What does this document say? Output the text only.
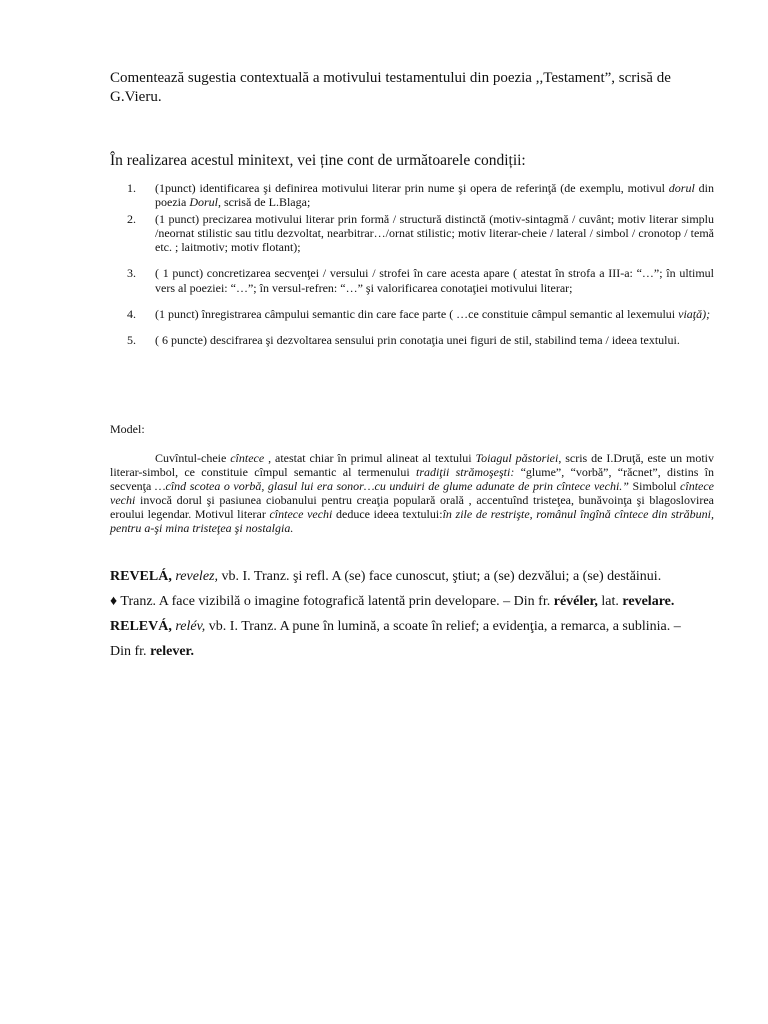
Comentează sugestia contextuală a motivului testamentului din poezia ,,Testament”, scrisă de
G.Vieru.
În realizarea acestul minitext, vei ține cont de următoarele condiții:
1. (1punct) identificarea şi definirea motivului literar prin nume şi opera de referinţă (de exemplu, motivul dorul din poezia Dorul, scrisă de L.Blaga;
2. (1 punct) precizarea motivului literar prin formă / structură distinctă (motiv-sintagmă / cuvânt; motiv literar simplu /neornat stilistic sau titlu dezvoltat, nearbitrar…/ornat stilistic; motiv literar-cheie / lateral / simbol / cronotop / temă etc. ; laitmotiv; motiv flotant);
3. ( 1 punct) concretizarea secvenţei / versului / strofei în care acesta apare ( atestat în strofa a III-a: “…”; în ultimul vers al poeziei: “…”; în versul-refren: “…” şi valorificarea conotaţiei motivului literar;
4. (1 punct) înregistrarea câmpului semantic din care face parte ( …ce constituie câmpul semantic al lexemului viaţă);
5. ( 6 puncte) descifrarea şi dezvoltarea sensului prin conotaţia unei figuri de stil, stabilind tema / ideea textului.
Model:
Cuvîntul-cheie cîntece , atestat chiar în primul alineat al textului Toiagul păstoriei, scris de I.Druţă, este un motiv literar-simbol, ce constituie cîmpul semantic al termenului tradiţii strămoşeşti: “glume”, “vorbă”, “răcnet”, distins în secvenţa …cînd scotea o vorbă, glasul lui era sonor…cu unduiri de glume adunate de prin cîntece vechi.” Simbolul cîntece vechi invocă dorul şi pasiunea ciobanului pentru creaţia populară orală , accentuînd tristeţea, bunăvoinţa şi blagoslovirea eroului legendar. Motivul literar cîntece vechi deduce ideea textului:în zile de restrişte, românul îngînă cîntece din străbuni, pentru a-şi mina tristeţea şi nostalgia.

REVELÁ, revelez, vb. I. Tranz. şi refl. A (se) face cunoscut, ştiut; a (se) dezvălui; a (se) destăinui.

♦ Tranz. A face vizibilă o imagine fotografică latentă prin developare. – Din fr. révéler, lat. revelare.

RELEVÁ, relév, vb. I. Tranz. A pune în lumină, a scoate în relief; a evidenţia, a remarca, a sublinia. –

Din fr. relever.
